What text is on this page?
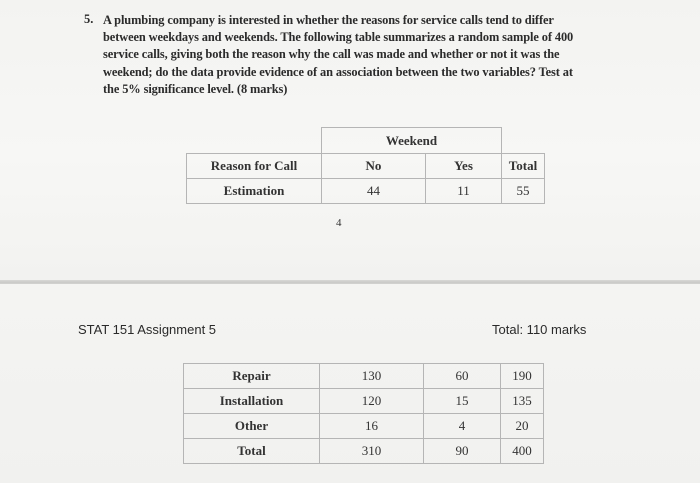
5. A plumbing company is interested in whether the reasons for service calls tend to differ
between weekdays and weekends. The following table summarizes a random sample of 400
service calls, giving both the reason why the call was made and whether or not it was the
weekend; do the data provide evidence of an association between the two variables? Test at
the 5% significance level. (8 marks)
	Weekend		
Reason for Call	No	Yes	Total
Estimation	44	11	55
4
STAT 151 Assignment 5	Total: 110 marks
Repair	130	60	190
Installation	120	15	135
Other	16	4	20
Total	310	90	400
